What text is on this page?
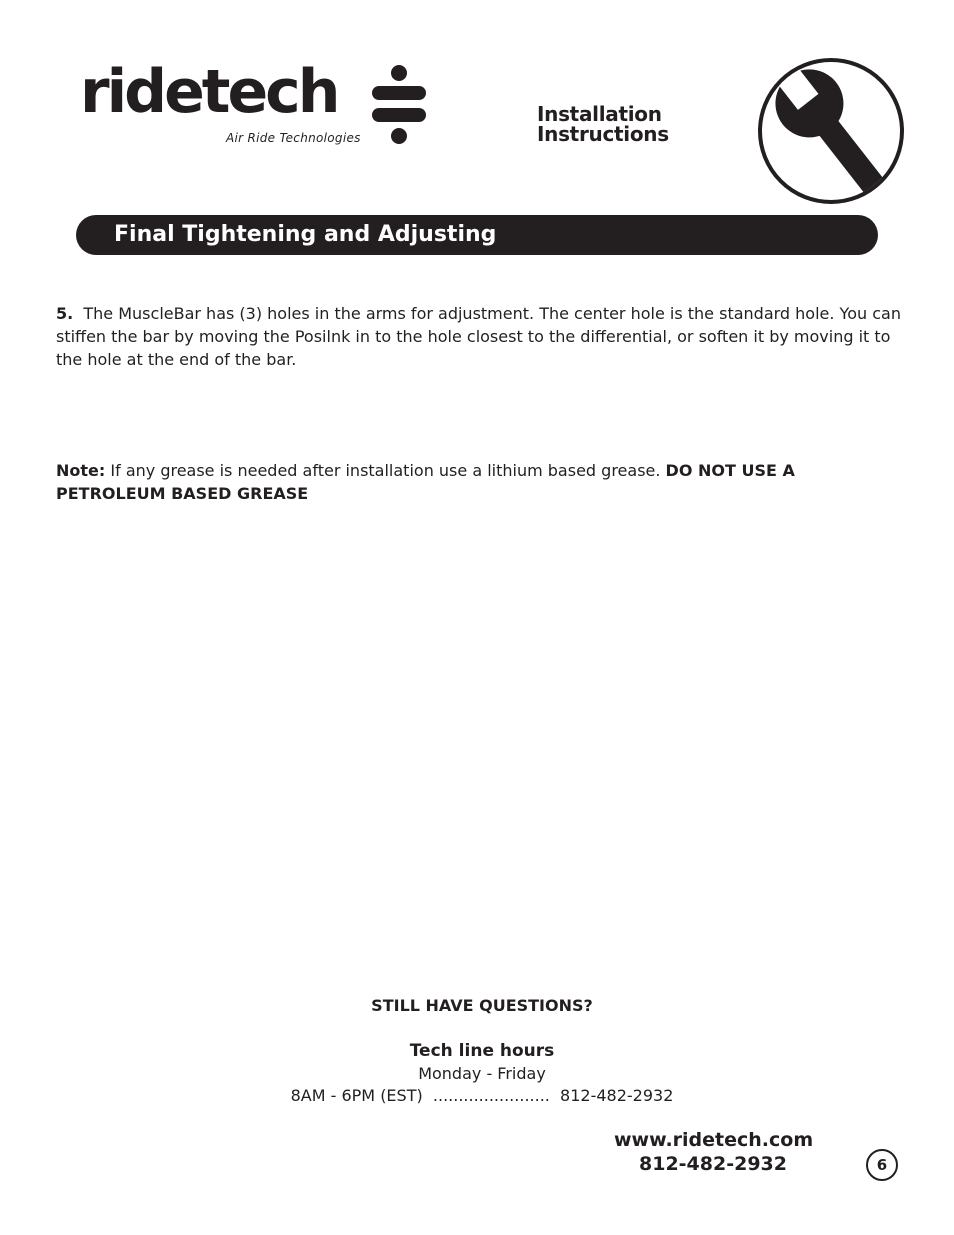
ridetech
Air Ride Technologies
Installation
Instructions
Final Tightening and Adjusting
5. The MuscleBar has (3) holes in the arms for adjustment. The center hole is the standard hole. You can stiffen the bar by moving the Posilnk in to the hole closest to the differential, or soften it by moving it to the hole at the end of the bar.
Note: If any grease is needed after installation use a lithium based grease. DO NOT USE A PETROLEUM BASED GREASE
STILL HAVE QUESTIONS?
Tech line hours
Monday - Friday
8AM - 6PM (EST) ....................... 812-482-2932
www.ridetech.com
812-482-2932	6
